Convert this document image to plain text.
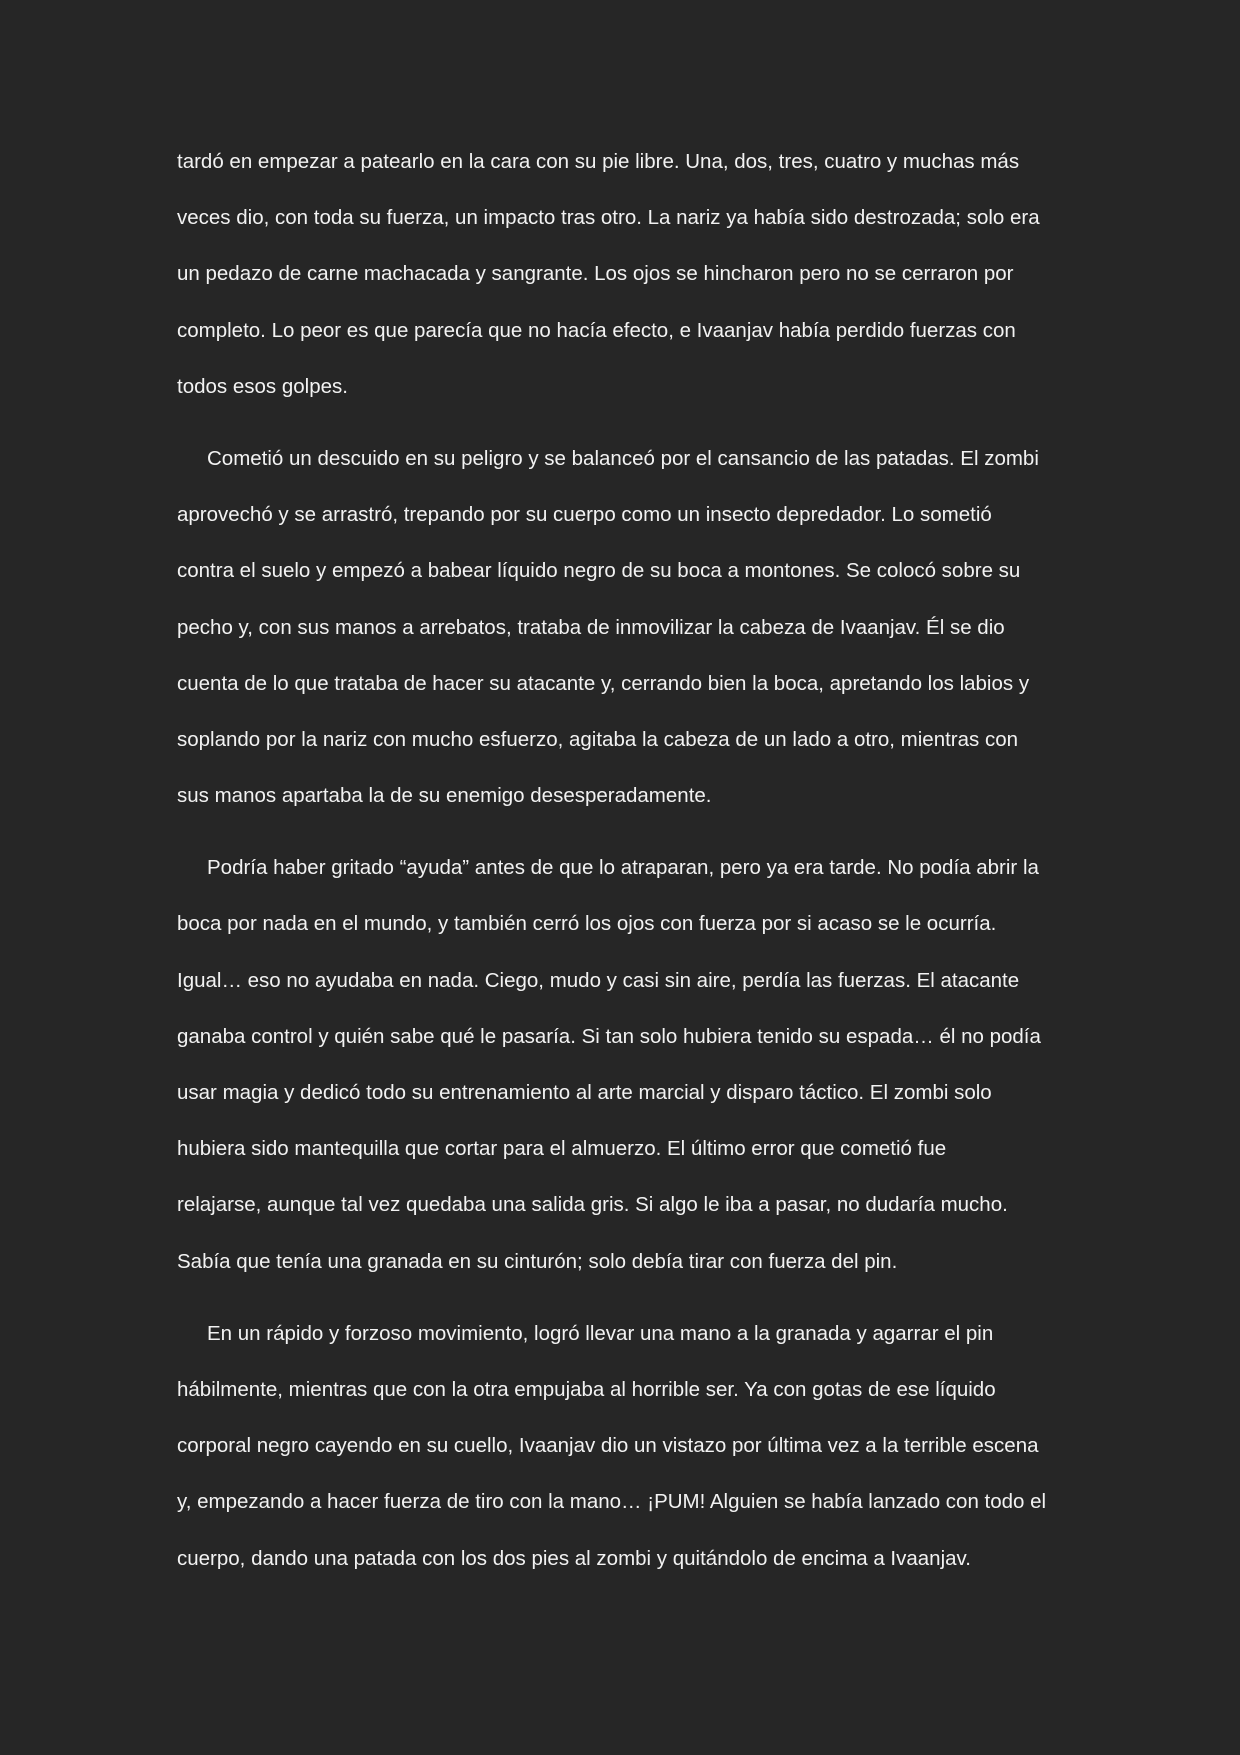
tardó en empezar a patearlo en la cara con su pie libre. Una, dos, tres, cuatro y muchas más
veces dio, con toda su fuerza, un impacto tras otro. La nariz ya había sido destrozada; solo era
un pedazo de carne machacada y sangrante. Los ojos se hincharon pero no se cerraron por
completo. Lo peor es que parecía que no hacía efecto, e Ivaanjav había perdido fuerzas con
todos esos golpes.
Cometió un descuido en su peligro y se balanceó por el cansancio de las patadas. El zombi
aprovechó y se arrastró, trepando por su cuerpo como un insecto depredador. Lo sometió
contra el suelo y empezó a babear líquido negro de su boca a montones. Se colocó sobre su
pecho y, con sus manos a arrebatos, trataba de inmovilizar la cabeza de Ivaanjav. Él se dio
cuenta de lo que trataba de hacer su atacante y, cerrando bien la boca, apretando los labios y
soplando por la nariz con mucho esfuerzo, agitaba la cabeza de un lado a otro, mientras con
sus manos apartaba la de su enemigo desesperadamente.
Podría haber gritado “ayuda” antes de que lo atraparan, pero ya era tarde. No podía abrir la
boca por nada en el mundo, y también cerró los ojos con fuerza por si acaso se le ocurría.
Igual… eso no ayudaba en nada. Ciego, mudo y casi sin aire, perdía las fuerzas. El atacante
ganaba control y quién sabe qué le pasaría. Si tan solo hubiera tenido su espada… él no podía
usar magia y dedicó todo su entrenamiento al arte marcial y disparo táctico. El zombi solo
hubiera sido mantequilla que cortar para el almuerzo. El último error que cometió fue
relajarse, aunque tal vez quedaba una salida gris. Si algo le iba a pasar, no dudaría mucho.
Sabía que tenía una granada en su cinturón; solo debía tirar con fuerza del pin.
En un rápido y forzoso movimiento, logró llevar una mano a la granada y agarrar el pin
hábilmente, mientras que con la otra empujaba al horrible ser. Ya con gotas de ese líquido
corporal negro cayendo en su cuello, Ivaanjav dio un vistazo por última vez a la terrible escena
y, empezando a hacer fuerza de tiro con la mano… ¡PUM! Alguien se había lanzado con todo el
cuerpo, dando una patada con los dos pies al zombi y quitándolo de encima a Ivaanjav.
